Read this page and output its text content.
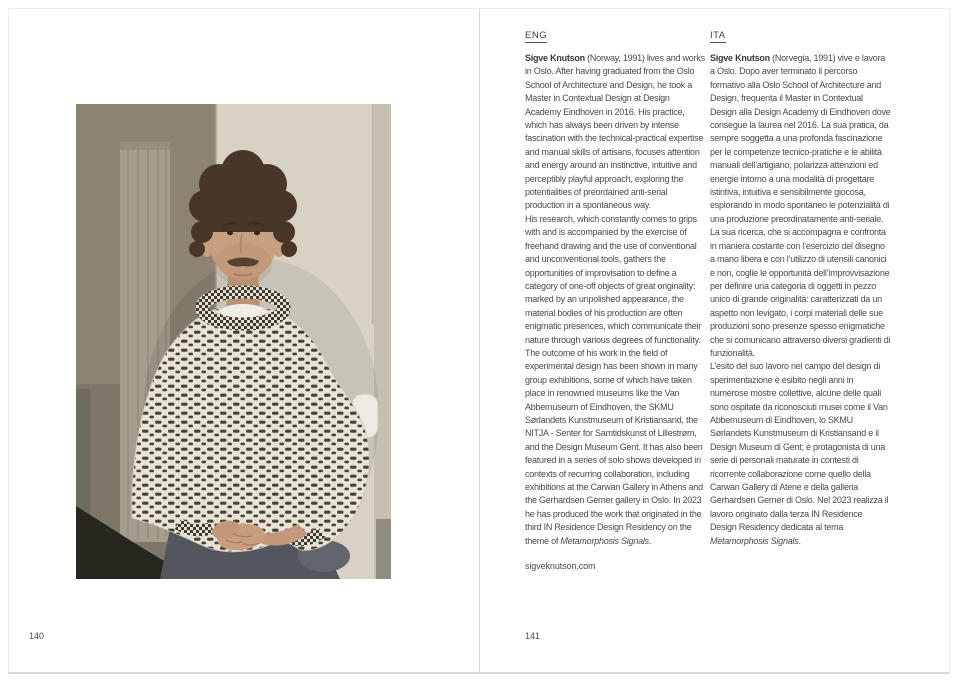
140
ENG

Sigve Knutson (Norway, 1991) lives and works in Oslo. After having graduated from the Oslo School of Architecture and Design, he took a Master in Contextual Design at Design Academy Eindhoven in 2016. His practice, which has always been driven by intense fascination with the technical-practical expertise and manual skills of artisans, focuses attention and energy around an instinctive, intuitive and perceptibly playful approach, exploring the potentialities of preordained anti-serial production in a spontaneous way.

His research, which constantly comes to grips with and is accompanied by the exercise of freehand drawing and the use of conventional and unconventional tools, gathers the opportunities of improvisation to define a category of one-off objects of great originality: marked by an unpolished appearance, the material bodies of his production are often enigmatic presences, which communicate their nature through various degrees of functionality.

The outcome of his work in the field of experimental design has been shown in many group exhibitions, some of which have taken place in renowned museums like the Van Abbemuseum of Eindhoven, the SKMU Sørlandets Kunstmuseum of Kristiansand, the NITJA - Senter for Samtidskunst of Lillestrøm, and the Design Museum Gent. It has also been featured in a series of solo shows developed in contexts of recurring collaboration, including exhibitions at the Carwan Gallery in Athens and the Gerhardsen Gerner gallery in Oslo. In 2023 he has produced the work that originated in the third IN Residence Design Residency on the theme of Metamorphosis Signals.

ITA

Sigve Knutson (Norvegia, 1991) vive e lavora a Oslo. Dopo aver terminato il percorso formativo alla Oslo School of Architecture and Design, frequenta il Master in Contextual Design alla Design Academy di Eindhoven dove consegue la laurea nel 2016. La sua pratica, da sempre soggetta a una profonda fascinazione per le competenze tecnico-pratiche e le abilità manuali dell’artigiano, polarizza attenzioni ed energie intorno a una modalità di progettare istintiva, intuitiva e sensibilmente giocosa, esplorando in modo spontaneo le potenzialità di una produzione preordinatamente anti-seriale.

La sua ricerca, che si accompagna e confronta in maniera costante con l’esercizio del disegno a mano libera e con l’utilizzo di utensili canonici e non, coglie le opportunità dell’improvvisazione per definire una categoria di oggetti in pezzo unico di grande originalità: caratterizzati da un aspetto non levigato, i corpi materiali delle sue produzioni sono presenze spesso enigmatiche che si comunicano attraverso diversi gradienti di funzionalità.

L’esito del suo lavoro nel campo del design di sperimentazione è esibito negli anni in numerose mostre collettive, alcune delle quali sono ospitate da riconosciuti musei come il Van Abbemuseum di Eindhoven, lo SKMU Sørlandets Kunstmuseum di Kristiansand e il Design Museum di Gent; è protagonista di una serie di personali maturate in contesti di ricorrente collaborazione come quello della Carwan Gallery di Atene e della galleria Gerhardsen Gerner di Oslo. Nel 2023 realizza il lavoro originato dalla terza IN Residence Design Residency dedicata al tema Metamorphosis Signals.

sigveknutson.com
141
